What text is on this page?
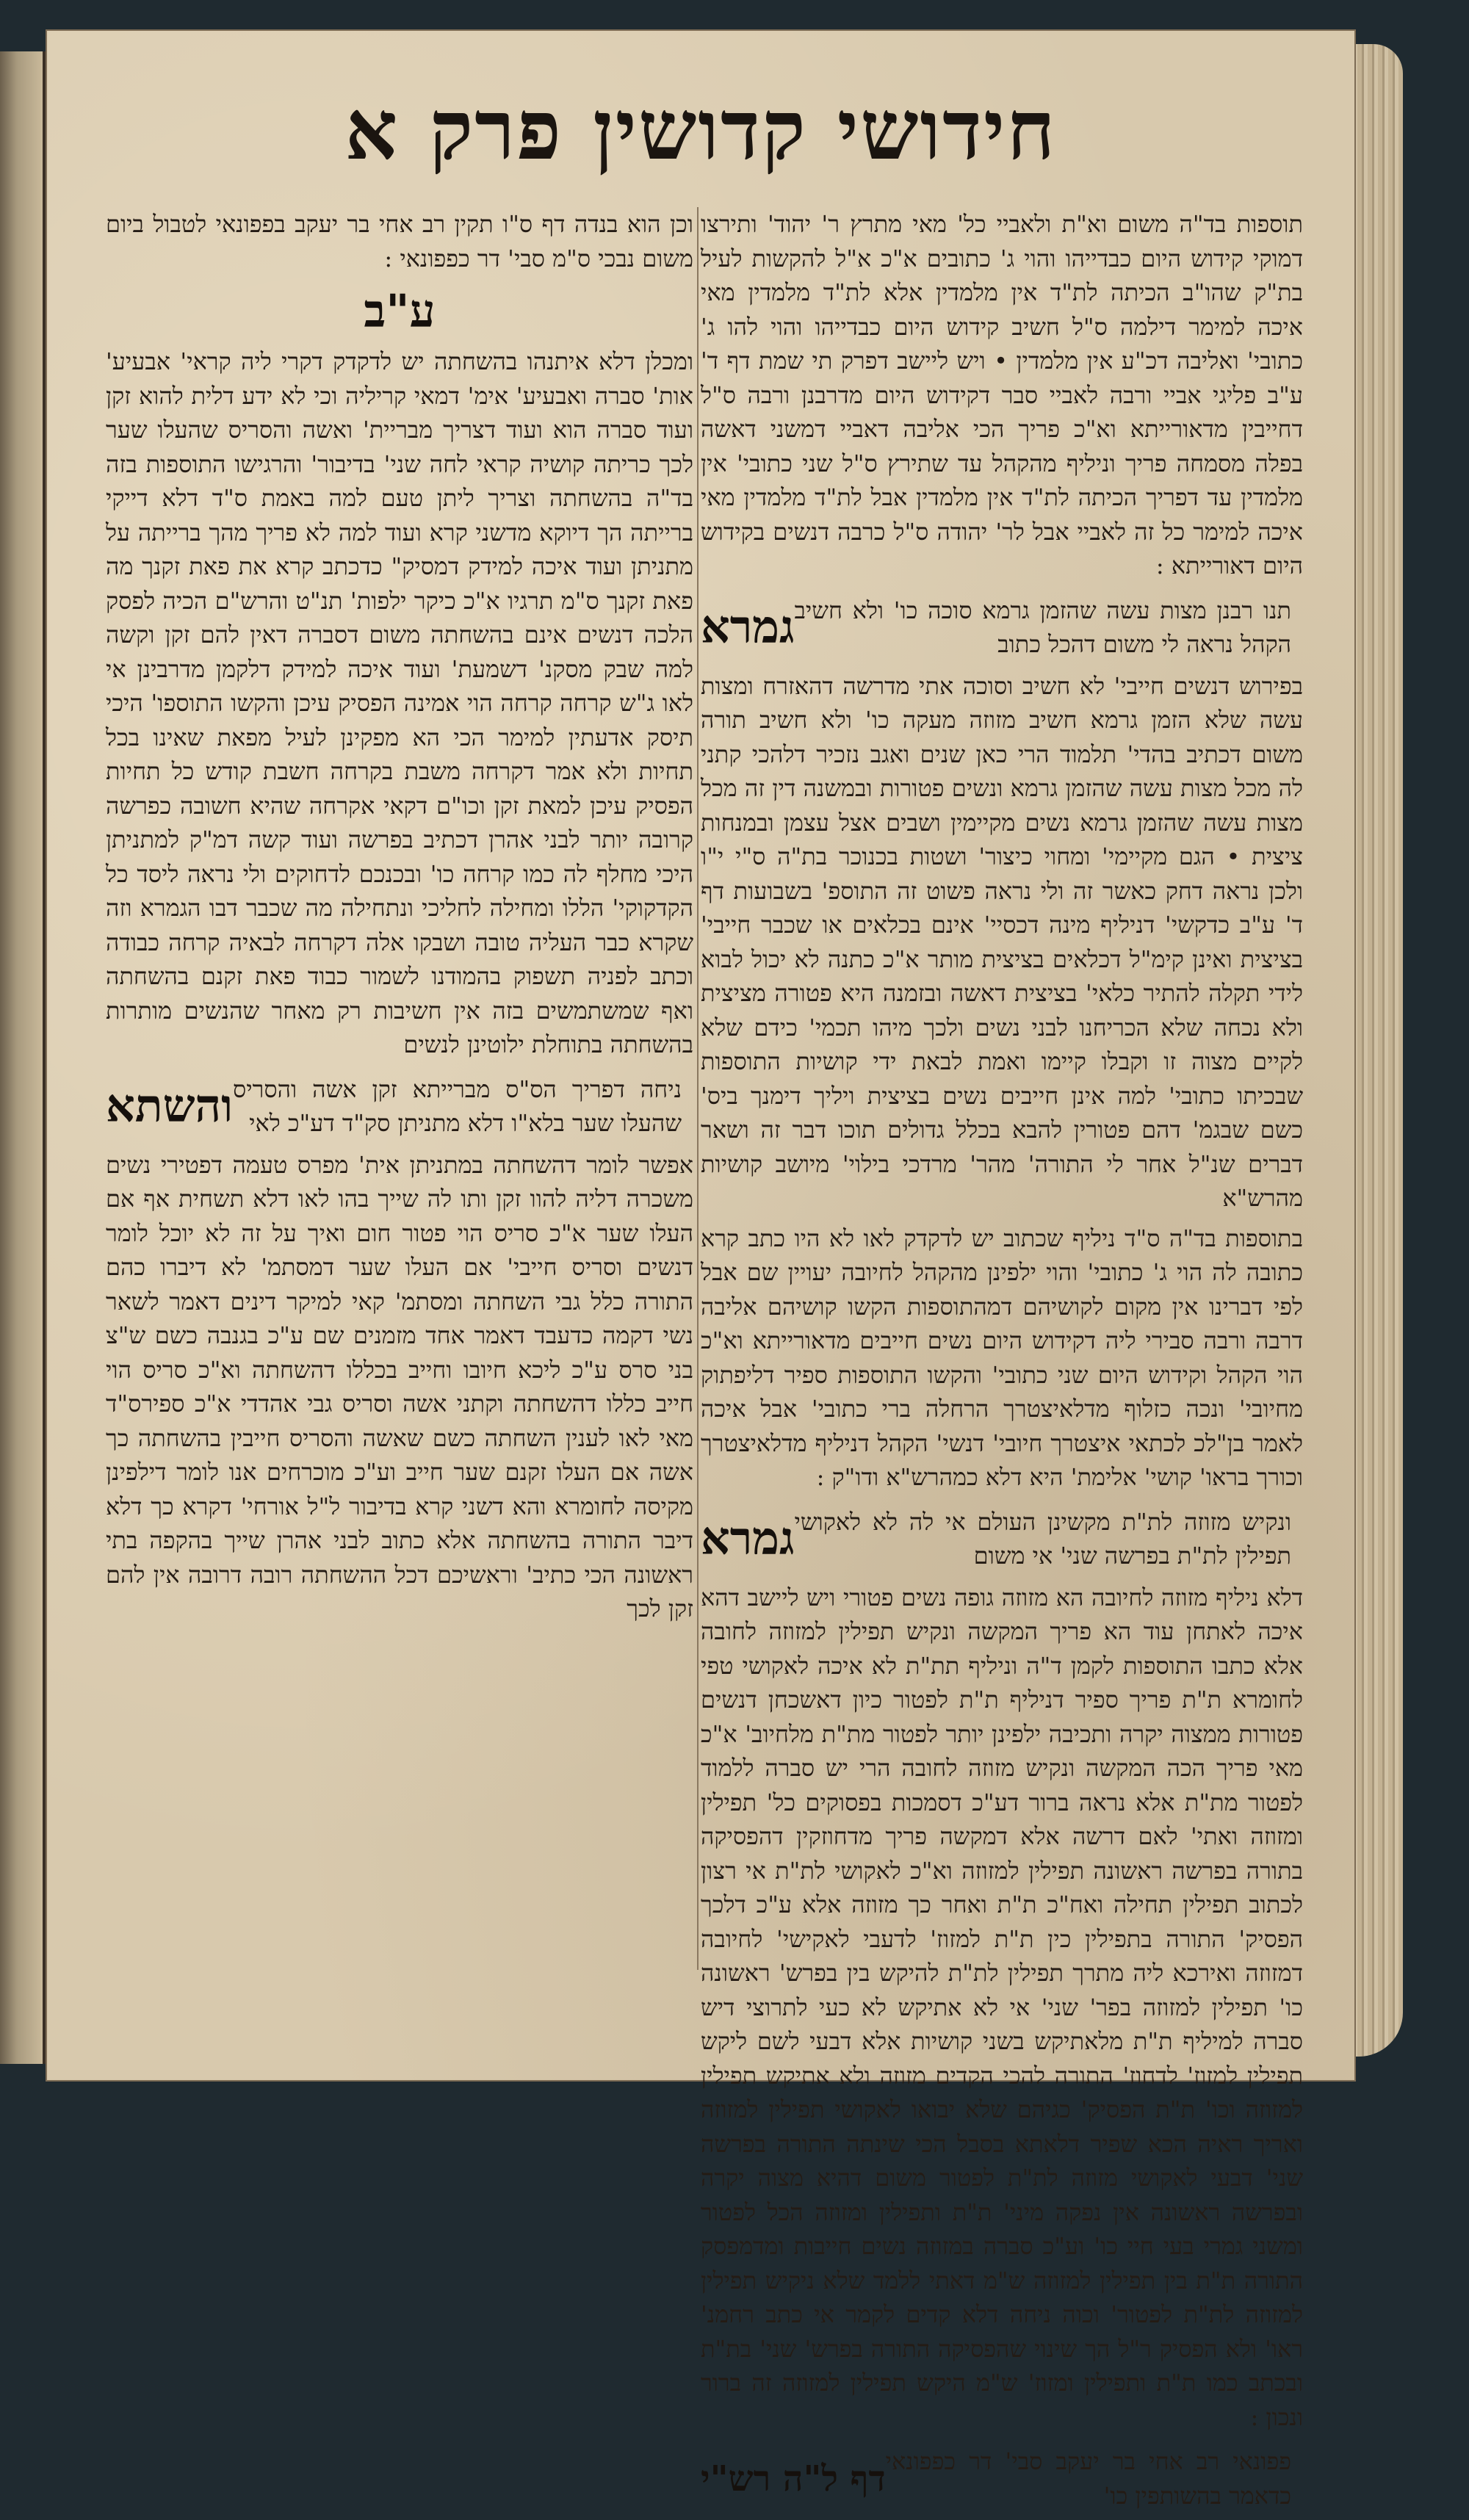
חידושי קדושין פרק א

תוספות בד"ה משום וא"ת ולאביי כל' מאי מתרץ ר' יהוד' ותירצו דמוקי קידוש היום כבדייהו והוי ג' כתובים א"כ א"ל להקשות לעיל בת"ק שהו"ב הכיתה לת"ד אין מלמדין אלא לת"ד מלמדין מאי איכה למימר דילמה ס"ל חשיב קידוש היום כבדייהו והוי להו ג' כתובי' ואליבה דכ"ע אין מלמדין • ויש ליישב דפרק תי שמת דף ד' ע"ב פליגי אביי ורבה לאביי סבר דקידוש היום מדרבנן ורבה ס"ל דחייבין מדאורייתא וא"כ פריך הכי אליבה דאביי דמשני דאשה בפלה מסמחה פריך וניליף מהקהל עד שתירץ ס"ל שני כתובי' אין מלמדין עד דפריך הכיתה לת"ד אין מלמדין אבל לת"ד מלמדין מאי איכה למימר כל זה לאביי אבל לר' יהודה ס"ל כרבה דנשים בקידוש היום דאורייתא :

גמרא תנו רבנן מצות עשה שהזמן גרמא סוכה כו' ולא חשיב הקהל נראה לי משום דהכל כתוב

בפירוש דנשים חייבי' לא חשיב וסוכה אתי מדרשה דהאזרח ומצות עשה שלא הזמן גרמא חשיב מזוזה מעקה כו' ולא חשיב תורה משום דכתיב בהדי' תלמוד הרי כאן שנים ואגב נזכיר דלהכי קתני לה מכל מצות עשה שהזמן גרמא ונשים פטורות ובמשנה דין זה מכל מצות עשה שהזמן גרמא נשים מקיימין ושבים אצל עצמן ובמנחות ציצית • הגם מקיימי' ומחוי כיצור' ושטות בכנוכר בת"ה ס"י י"ו ולכן נראה דחק כאשר זה ולי נראה פשוט זה התוספ' בשבועות דף ד' ע"ב כדקשי' דניליף מינה דכסיי' אינם בכלאים או שכבר חייבי' בציצית ואינן קימ"ל דכלאים בציצית מותר א"כ כתנה לא יכול לבוא לידי תקלה להתיר כלאי' בציצית דאשה ובזמנה היא פטורה מציצית ולא נכחה שלא הכריחנו לבני נשים ולכך מיהו תכמי' כידם שלא לקיים מצוה זו וקבלו קיימו ואמת לבאת ידי קושיות התוספות שבכיתו כתובי' למה אינן חייבים נשים בציצית ויליך דימנך ביס' כשם שבגמ' דהם פטורין להבא בכלל גדולים תוכו דבר זה ושאר דברים שנ"ל אחר לי התורה' מהר' מרדכי בילוי' מיושב קושיות מהרש"א

בתוספות בד"ה ס"ד ניליף שכתוב יש לדקדק לאו לא היו כתב קרא כתובה לה הוי ג' כתובי' והוי ילפינן מהקהל לחיובה יעויין שם אבל לפי דברינו אין מקום לקושיהם דמהתוספות הקשו קושיהם אליבה דרבה ורבה סבירי ליה דקידוש היום נשים חייבים מדאורייתא וא"כ הוי הקהל וקידוש היום שני כתובי' והקשו התוספות ספיר דליפתוק מחיובי' ונכה כזלוף מדלאיצטרך הרחלה ברי כתובי' אבל איכה לאמר בן"לכ לכתאי איצטרך חיובי' דנשי' הקהל דניליף מדלאיצטרך וכורך בראו' קושי' אלימת' היא דלא כמהרש"א ודו"ק :

גמרא ונקיש מזוזה לת"ת מקשינן העולם אי לה לא לאקושי תפילין לת"ת בפרשה שני' אי משום

דלא ניליף מזוזה לחיובה הא מזוזה גופה נשים פטורי ויש ליישב דהא איכה לאתחן עוד הא פריך המקשה ונקיש תפילין למזוזה לחובה אלא כתבו התוספות לקמן ד"ה וניליף תת"ת לא איכה לאקושי טפי לחומרא ת"ת פריך ספיר דניליף ת"ת לפטור כיון דאשכחן דנשים פטורות ממצוה יקרה ותכיבה ילפינן יותר לפטור מת"ת מלחיוב' א"כ מאי פריך הכה המקשה ונקיש מזוזה לחובה הרי יש סברה ללמוד לפטור מת"ת אלא נראה ברור דע"כ דסמכות בפסוקים כל' תפילין ומזוזה ואתי' לאם דרשה אלא דמקשה פריך מדחוזקין דהפסיקה בתורה בפרשה ראשונה תפילין למזוזה וא"כ לאקושי לת"ת אי רצון לכתוב תפילין תחילה ואח"כ ת"ת ואחר כך מזוזה אלא ע"כ דלכך הפסיק' התורה בתפילין כין ת"ת למזוז' לדעבי לאקישי' לחיובה דמזוזה ואירכא ליה מתרך תפילין לת"ת להיקש בין בפרש' ראשונה כו' תפילין למזוזה בפר' שני' אי לא אתיקש לא כעי לתרוצי דיש סברה למיליף ת"ת מלאתיקש בשני קושיות אלא דבעי לשם ליקש תפילין למזוז' לדחוז' התורה להכי הקדים מזוזה ולא אתיקש תפילין למזוזה וכו' ת"ת הפסיק' כגיהם שלא יבואו לאקושי תפילין למזוזה ואריך ראיה הכא שפיר דלאתא בסבל הכי שינתה התורה בפרשה שני' דבעי לאקושי מזוזה לת"ת לפטור משום דהיא מצוה יקרה ובפרשה ראשונה אין נפקה מיני' ת"ת ותפילין ומזוזה הכל לפטור ומשני גמרי בעי חיי כו' וע"כ סברה במזוזה נשים חייבות ומדמפסק התורה ת"ת בין תפילין למזוזה ש"מ דאתי ללמד שלא ניקיש תפילין למזוזה לת"ת לפטור' וכוה ניחה דלא קדים לקמר אי כתב רחמנ' ראו' ולא הפסיק ר"ל הך שינוי שהפסיקה התורה בפרש' שני' בת"ת ובכתב כמו ת"ת ותפילין ומזוז' ש"מ היקש תפילין למזוזה זה ברור ונכון :

דף ל"ה רש"י פפונאי רב אחי בר יעקב סבי' דר כפפונאי כדאמר בהשותפין כו'

וכן הוא בנדה דף ס"ו תקין רב אחי בר יעקב בפפונאי לטבול ביום משום נבכי ס"מ סבי' דר כפפונאי :

ע"ב

ומכלן דלא איתנהו בהשחתה יש לדקדק דקרי ליה קראי' אבעיע' אות' סברה ואבעיע' אימ' דמאי קריליה וכי לא ידע דלית להוא זקן ועוד סברה הוא ועוד דצריך מבריית' ואשה והסריס שהעלו שער לכך כריתה קושיה קראי לחה שני' בדיבור' והרגישו התוספות בזה בד"ה בהשחתה וצריך ליתן טעם למה באמת ס"ד דלא דייקי ברייתה הך דיוקא מדשני קרא ועוד למה לא פריך מהך ברייתה על מתניתן ועוד איכה למידק דמסיק" כדכתב קרא את פאת זקנך מה פאת זקנך ס"מ תרגיו א"כ כיקר ילפות' תנ"ט והרש"ם הכיה לפסק הלכה דנשים אינם בהשחתה משום דסברה דאין להם זקן וקשה למה שבק מסקנ' דשמעת' ועוד איכה למידק דלקמן מדרבינן אי לאו ג"ש קרחה קרחה הוי אמינה הפסיק עיכן והקשו התוספו' היכי תיסק אדעתין למימר הכי הא מפקינן לעיל מפאת שאינו בכל תחיות ולא אמר דקרחה משבת בקרחה חשבת קודש כל תחיות הפסיק עיכן למאת זקן וכו"ם דקאי אקרחה שהיא חשובה כפרשה קרובה יותר לבני אהרן דכתיב בפרשה ועוד קשה דמ"ק למתניתן היכי מחלף לה כמו קרחה כו' ובכנכם לדחוקים ולי נראה ליסד כל הקדקוקי' הללו ומחילה לחליכי ונתחילה מה שכבר דבו הגמרא וזה שקרא כבר העליה טובה ושבקו אלה דקרחה לבאיה קרחה כבודה וכתב לפניה תשפוק בהמודנו לשמור כבוד פאת זקנם בהשחתה ואף שמשתמשים בזה אין חשיבות רק מאחר שהנשים מותרות בהשחתה בתוחלת ילוטינן לנשים

והשתא ניחה דפריך הס"ס מברייתא זקן אשה והסריס שהעלו שער בלא"ו דלא מתניתן סק"ד דע"כ לאי

אפשר לומר דהשחתה במתניתן אית' מפרס טעמה דפטירי נשים משכרה דליה להוו זקן ותו לה שייך בהו לאו דלא תשחית אף אם העלו שער א"כ סריס הוי פטור חום ואיך על זה לא יוכל לומר דנשים וסריס חייבי' אם העלו שער דמסתמ' לא דיברו כהם התורה כלל גבי השחתה ומסתמ' קאי למיקר דינים דאמר לשאר נשי דקמה כדעבד דאמר אחד מזמנים שם ע"כ בגנבה כשם ש"צ בני סרס ע"כ ליכא חיובו וחייב בכללו דהשחתה וא"כ סריס הוי חייב כללו דהשחתה וקתני אשה וסריס גבי אהדדי א"כ ספירס"ד מאי לאו לענין השחתה כשם שאשה והסריס חייבין בהשחתה כך אשה אם העלו זקנם שער חייב וע"כ מוכרחים אנו לומר דילפינן מקיסה לחומרא והא דשני קרא בדיבור ל"ל אורחי' דקרא כך דלא דיבר התורה בהשחתה אלא כתוב לבני אהרן שייך בהקפה בתי ראשונה הכי כתיב' וראשיכם דכל ההשחתה רובה דרובה אין להם זקן לכך
